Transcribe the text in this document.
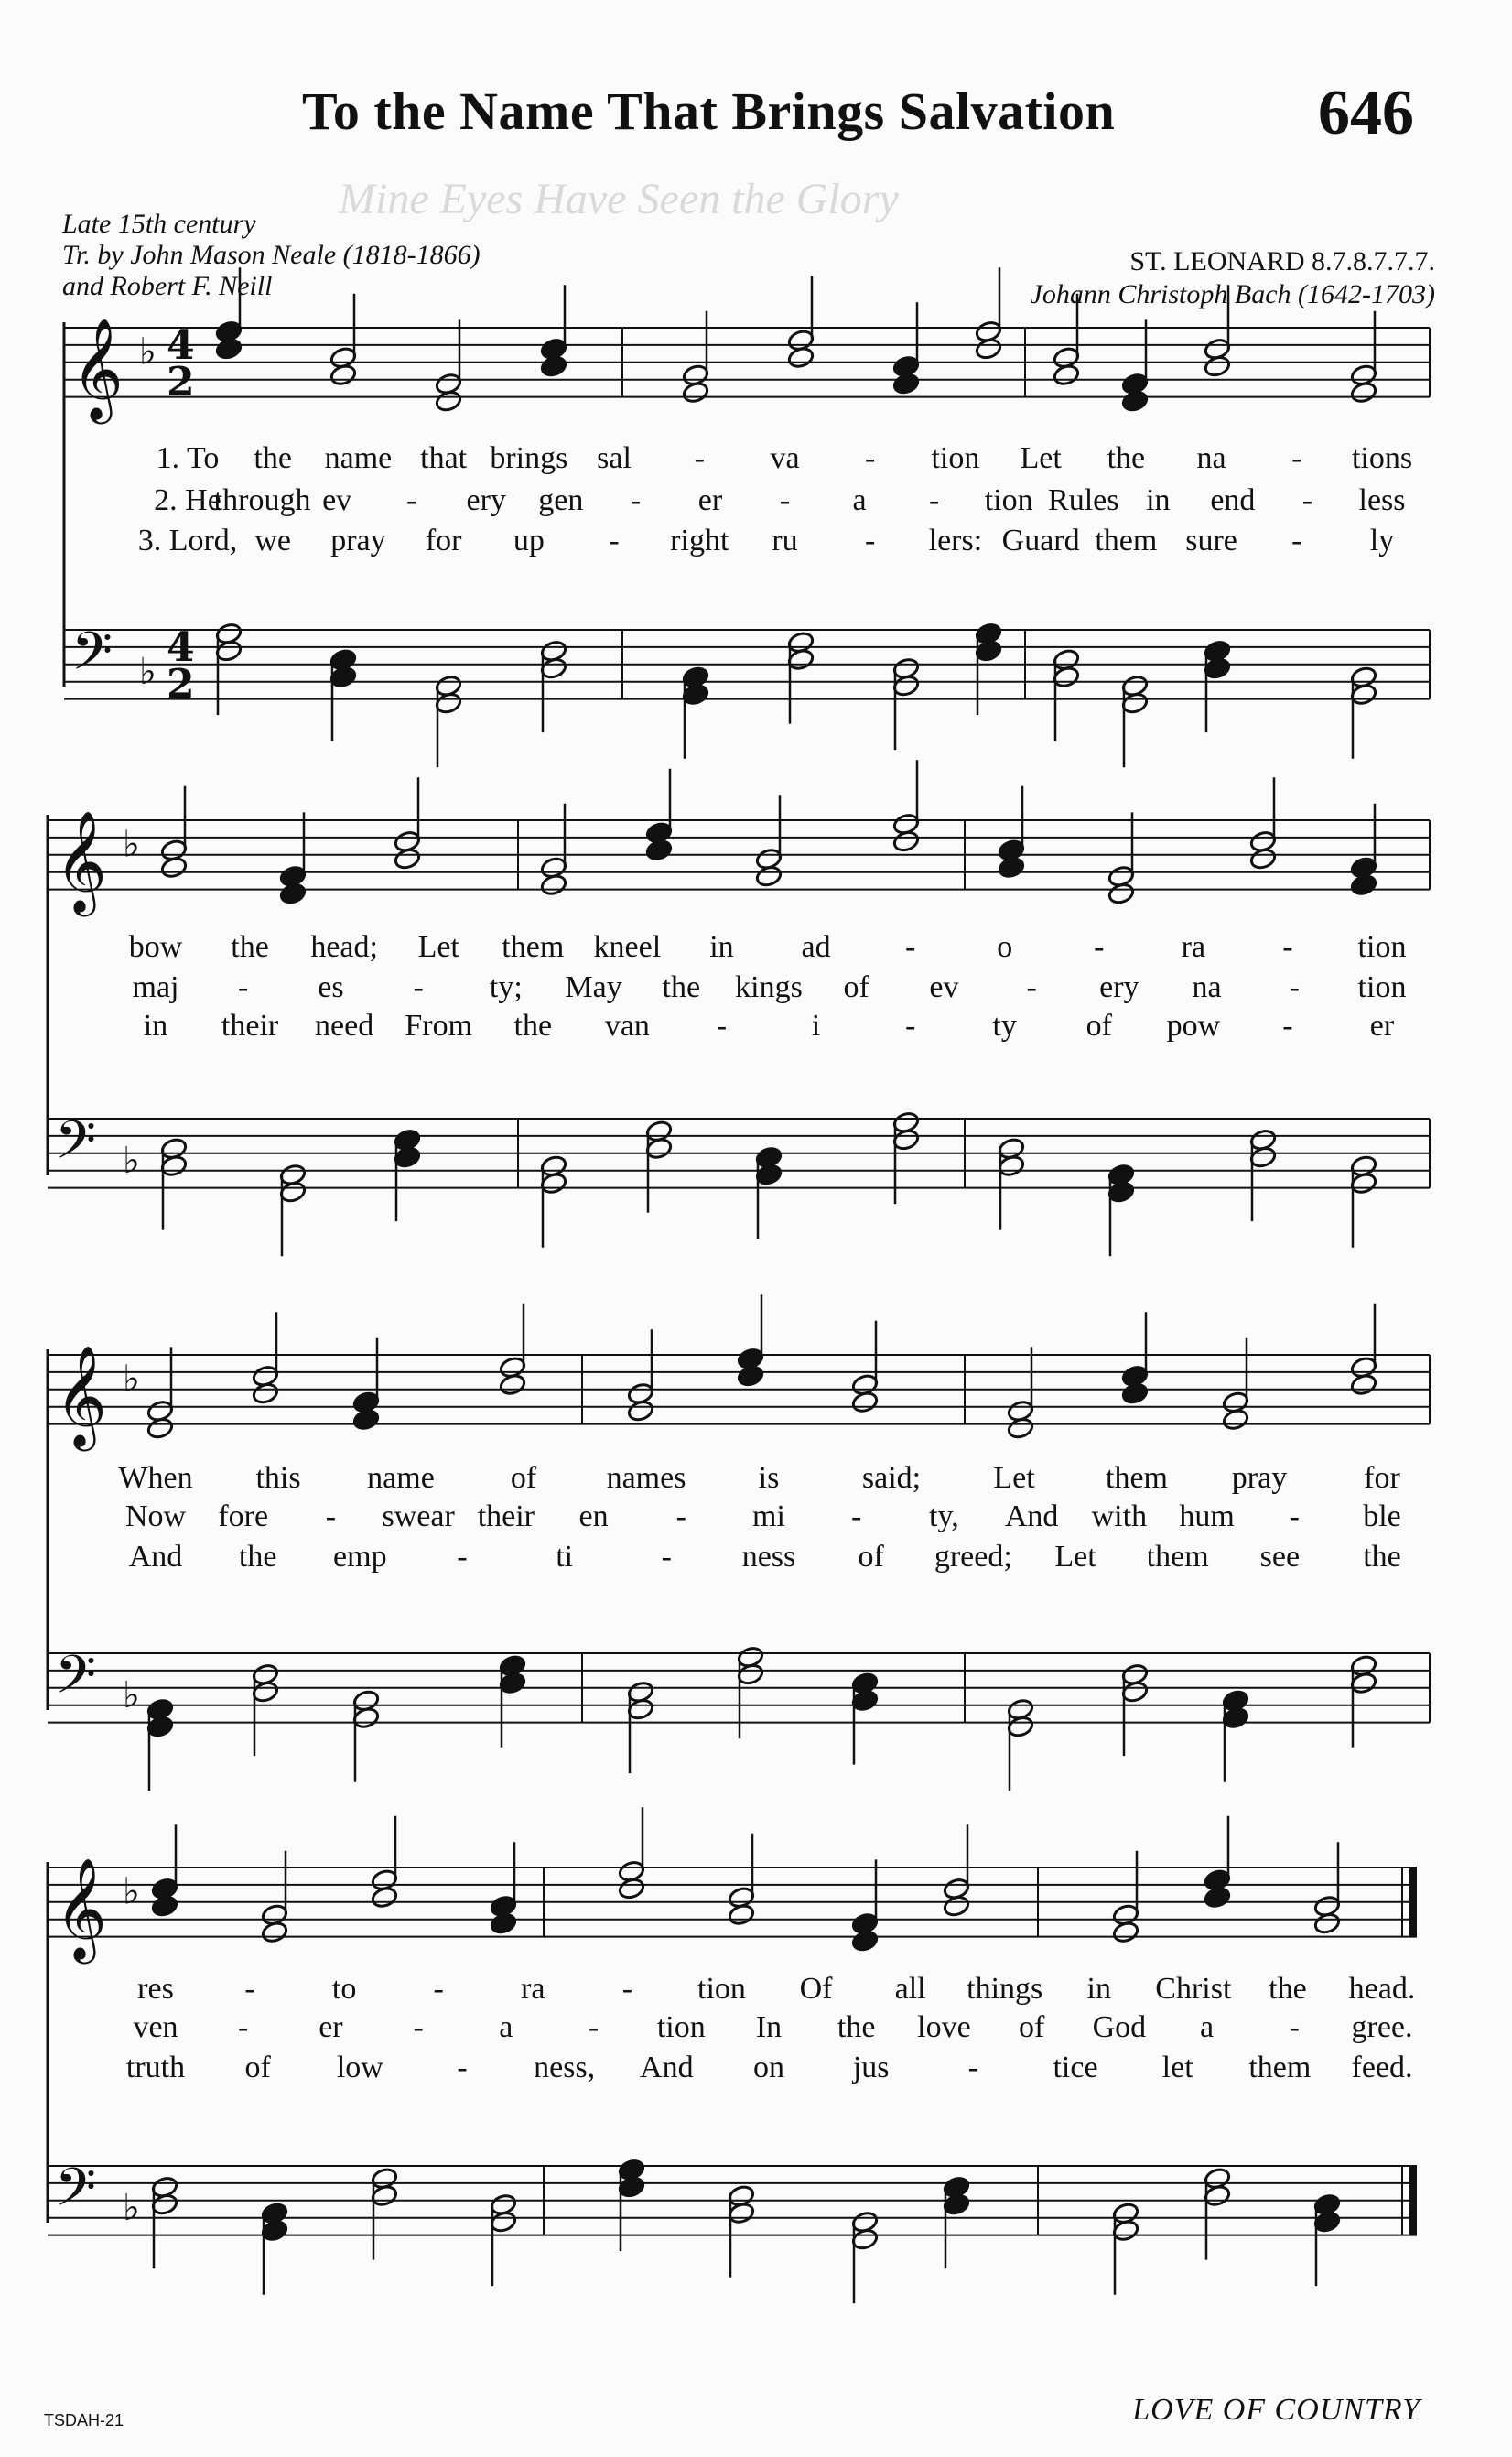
Mine Eyes Have Seen the Glory
To the Name That Brings Salvation	646
Late 15th century
Tr. by John Mason Neale (1818-1866)
and Robert F. Neill
ST. LEONARD 8.7.8.7.7.7.
Johann Christoph Bach (1642-1703)
𝄞 ♭ 4
2
𝄢 ♭
4
2
𝄞 ♭
𝄢 ♭
𝄞 ♭
𝄢 ♭
𝄞 ♭
𝄢 ♭
1. To the name that brings sal - va - tion Let the na - tions
2. He
through ev - ery gen - er - a - tion Rules in end - less
3. Lord, we pray for up - right ru - lers: Guard them sure - ly
bow the head; Let them kneel in ad -	o	- ra - tion
maj - es - ty; May the kings of ev - ery na - tion
in their need From the van -	i	- ty of pow - er
When this name of names is	said; Let them pray for
Now fore - swear their en - mi - ty, And with hum - ble
And the emp -	ti	- ness of greed; Let them see the
res - to - ra - tion Of all things in Christ the head.
ven - er - a - tion In the love of God a - gree.
truth of low - ness, And on jus	- tice let them feed.
TSDAH-21	LOVE OF COUNTRY
